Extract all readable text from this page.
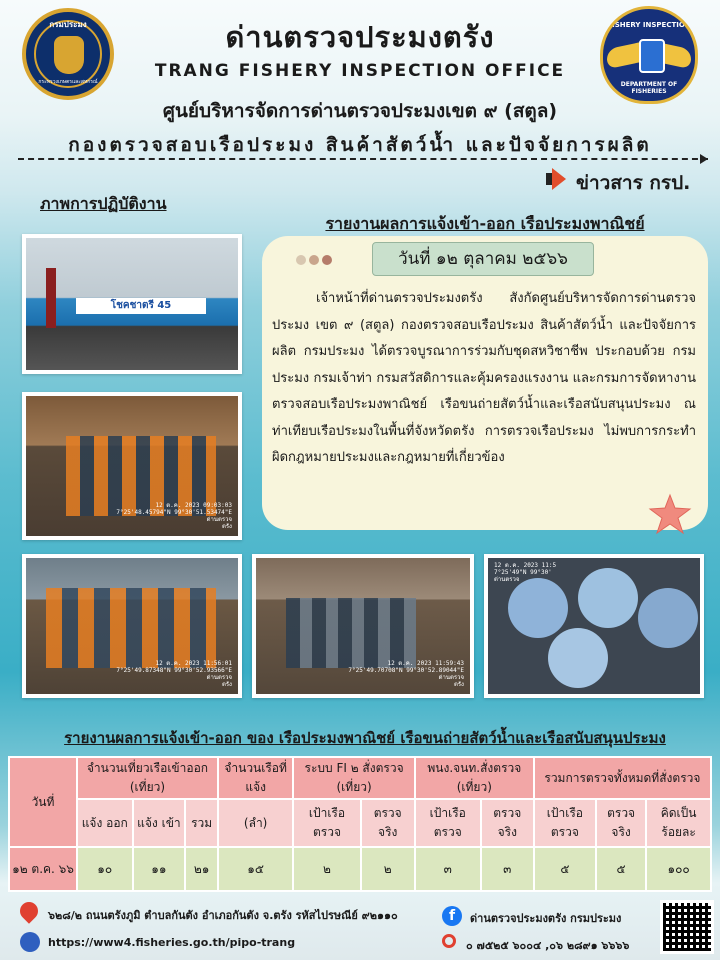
กรมประมง
กระทรวงเกษตรและสหกรณ์
ด่านตรวจประมงตรัง
TRANG FISHERY INSPECTION OFFICE
ศูนย์บริหารจัดการด่านตรวจประมงเขต ๙ (สตูล)
กองตรวจสอบเรือประมง สินค้าสัตว์น้ำ และปัจจัยการผลิต
FISHERY INSPECTION
DEPARTMENT OF FISHERIES
ข่าวสาร กรป.
ภาพการปฏิบัติงาน
รายงานผลการแจ้งเข้า-ออก เรือประมงพาณิชย์
โชคชาตรี 45
12 ต.ค. 2023 09:03:03
7°25'48.45794"N 99°30'51.53474"E
ด่านตรวจ
ตรัง
12 ต.ค. 2023 11:56:01
7°25'49.87348"N 99°30'52.93566"E
ด่านตรวจ
ตรัง
12 ต.ค. 2023 11:59:43
7°25'49.70708"N 99°30'52.89044"E
ด่านตรวจ
ตรัง
12 ต.ค. 2023 11:5
7°25'49"N 99°30'
ด่านตรวจ
วันที่ ๑๒ ตุลาคม ๒๕๖๖
เจ้าหน้าที่ด่านตรวจประมงตรัง สังกัดศูนย์บริหารจัดการด่านตรวจประมง เขต ๙ (สตูล) กองตรวจสอบเรือประมง สินค้าสัตว์น้ำ และปัจจัยการผลิต กรมประมง ได้ตรวจบูรณาการร่วมกับชุดสหวิชาชีพ ประกอบด้วย กรมประมง กรมเจ้าท่า กรมสวัสดิการและคุ้มครองแรงงาน และกรมการจัดหางาน ตรวจสอบเรือประมงพาณิชย์ เรือขนถ่ายสัตว์น้ำและเรือสนับสนุนประมง ณ ท่าเทียบเรือประมงในพื้นที่จังหวัดตรัง การตรวจเรือประมง ไม่พบการกระทำผิดกฎหมายประมงและกฎหมายที่เกี่ยวข้อง
รายงานผลการแจ้งเข้า-ออก ของ เรือประมงพาณิชย์ เรือขนถ่ายสัตว์น้ำและเรือสนับสนุนประมง
วันที่	จำนวนเที่ยวเรือเข้าออก (เที่ยว)			จำนวนเรือที่แจ้ง	ระบบ FI ๒ สั่งตรวจ (เที่ยว)		พนง.จนท.สั่งตรวจ (เที่ยว)		รวมการตรวจทั้งหมดที่สั่งตรวจ		
	แจ้ง ออก	แจ้ง เข้า	รวม	(ลำ)	เป้าเรือ ตรวจ	ตรวจ จริง	เป้าเรือ ตรวจ	ตรวจ จริง	เป้าเรือ ตรวจ	ตรวจ จริง	คิดเป็น ร้อยละ
๑๒ ต.ค. ๖๖	๑๐	๑๑	๒๑	๑๕	๒	๒	๓	๓	๕	๕	๑๐๐
๖๒๘/๒ ถนนตรังภูมิ ตำบลกันตัง อำเภอกันตัง จ.ตรัง รหัสไปรษณีย์ ๙๒๑๑๐
https://www4.fisheries.go.th/pipo-trang
f	ด่านตรวจประมงตรัง กรมประมง
๐ ๗๕๒๕ ๖๐๐๔ ,๐๖ ๒๘๙๑ ๖๖๖๖
